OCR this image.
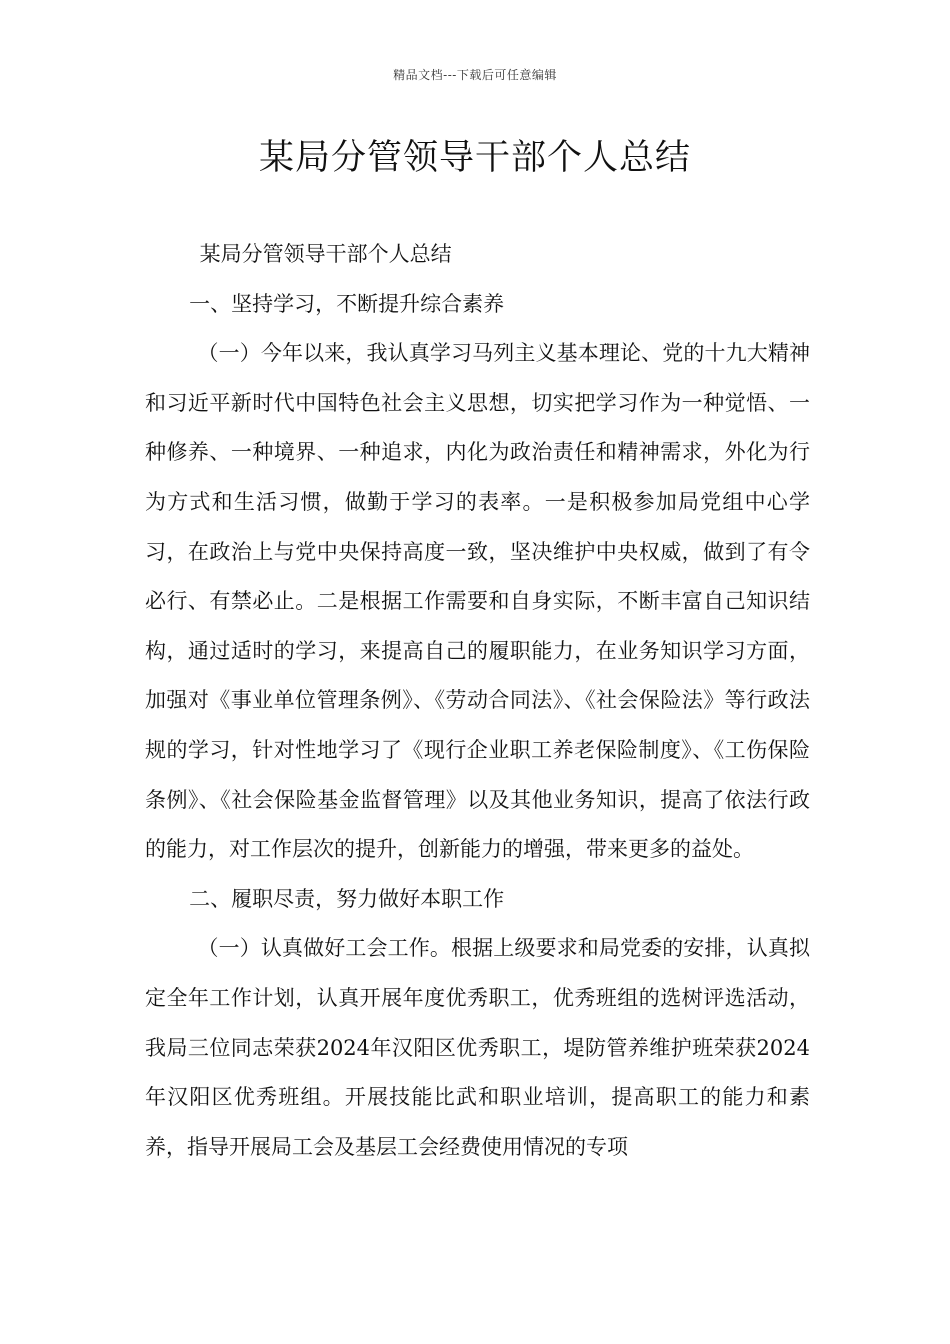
精品文档---下载后可任意编辑
某局分管领导干部个人总结

某局分管领导干部个人总结

一、坚持学习，不断提升综合素养

（一）今年以来，我认真学习马列主义基本理论、党的十九大精神和习近平新时代中国特色社会主义思想，切实把学习作为一种觉悟、一种修养、一种境界、一种追求，内化为政治责任和精神需求，外化为行为方式和生活习惯，做勤于学习的表率。一是积极参加局党组中心学习，在政治上与党中央保持高度一致，坚决维护中央权威，做到了有令必行、有禁必止。二是根据工作需要和自身实际，不断丰富自己知识结构，通过适时的学习，来提高自己的履职能力，在业务知识学习方面，加强对《事业单位管理条例》、《劳动合同法》、《社会保险法》等行政法规的学习，针对性地学习了《现行企业职工养老保险制度》、《工伤保险条例》、《社会保险基金监督管理》以及其他业务知识，提高了依法行政的能力，对工作层次的提升，创新能力的增强，带来更多的益处。

二、履职尽责，努力做好本职工作

（一）认真做好工会工作。根据上级要求和局党委的安排，认真拟定全年工作计划，认真开展年度优秀职工，优秀班组的选树评选活动，我局三位同志荣获2024年汉阳区优秀职工，堤防管养维护班荣获2024年汉阳区优秀班组。开展技能比武和职业培训，提高职工的能力和素养，指导开展局工会及基层工会经费使用情况的专项
